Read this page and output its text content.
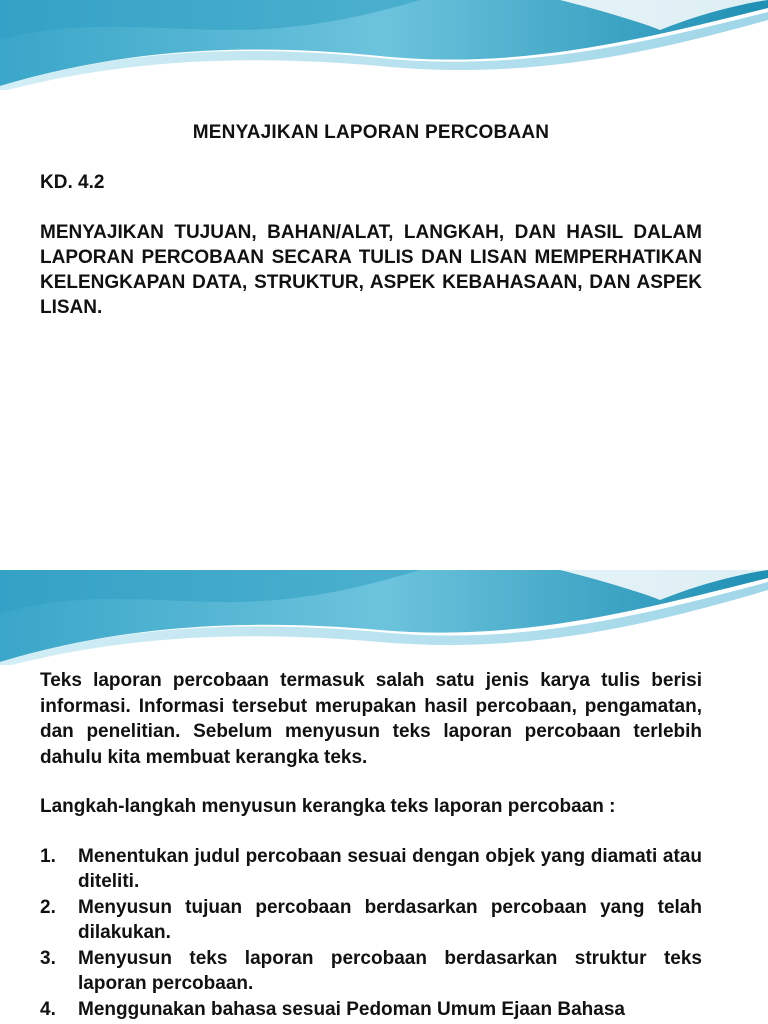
MENYAJIKAN LAPORAN PERCOBAAN

KD. 4.2

MENYAJIKAN TUJUAN, BAHAN/ALAT, LANGKAH, DAN HASIL DALAM LAPORAN PERCOBAAN SECARA TULIS DAN LISAN MEMPERHATIKAN KELENGKAPAN DATA, STRUKTUR, ASPEK KEBAHASAAN, DAN ASPEK LISAN.

Teks laporan percobaan termasuk salah satu jenis karya tulis berisi informasi. Informasi tersebut merupakan hasil percobaan, pengamatan, dan penelitian. Sebelum menyusun teks laporan percobaan terlebih dahulu kita membuat kerangka teks.

Langkah-langkah menyusun kerangka teks laporan percobaan :

1. Menentukan judul percobaan sesuai dengan objek yang diamati atau diteliti.
2. Menyusun tujuan percobaan berdasarkan percobaan yang telah dilakukan.
3. Menyusun teks laporan percobaan berdasarkan struktur teks laporan percobaan.
4. Menggunakan bahasa sesuai Pedoman Umum Ejaan Bahasa
